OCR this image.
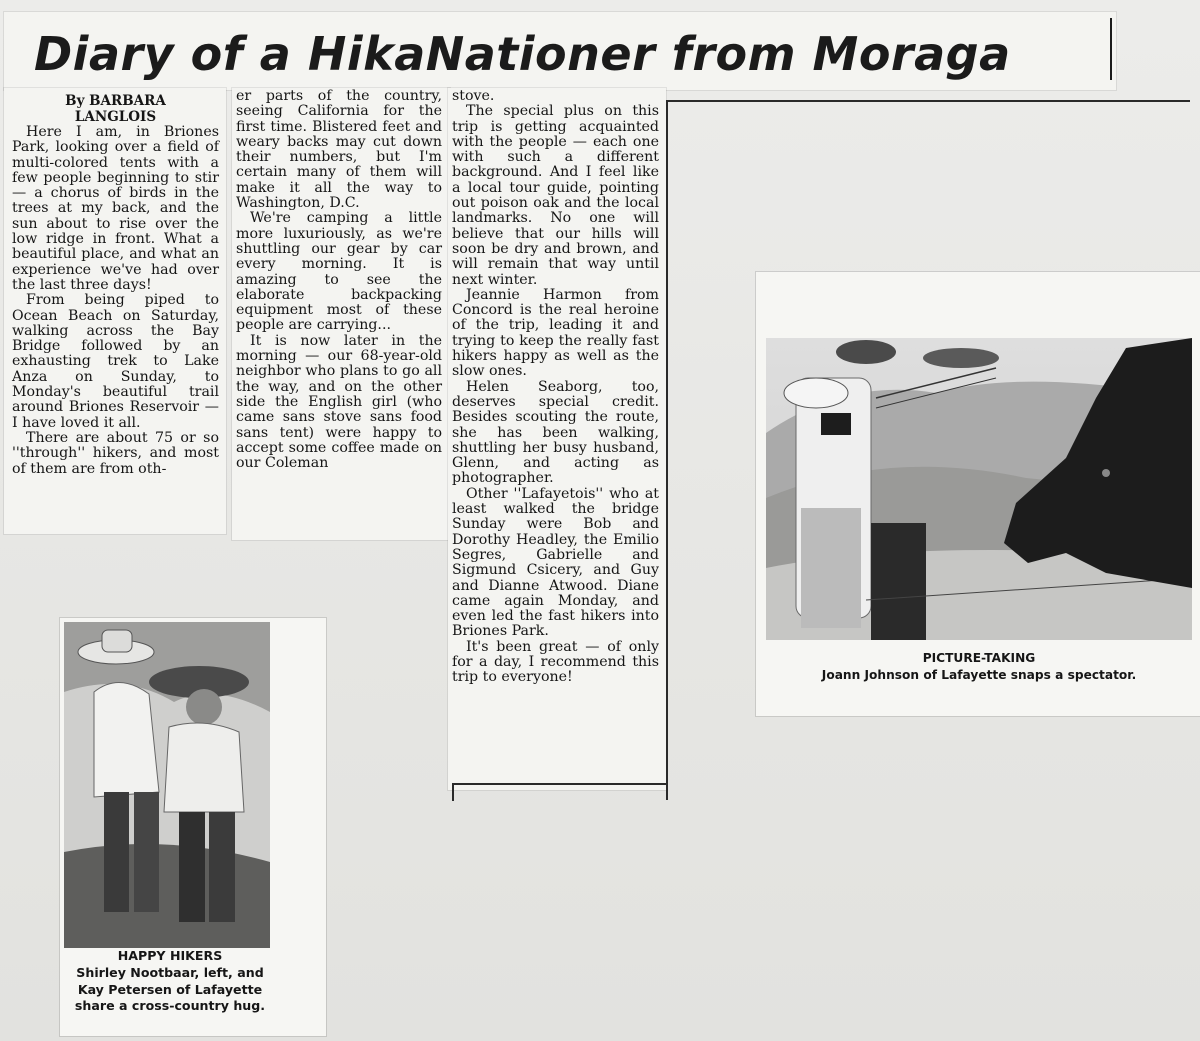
Diary of a HikaNationer from Moraga
By BARBARA
LANGLOIS

Here I am, in Briones Park, looking over a field of multi-colored tents with a few people beginning to stir — a chorus of birds in the trees at my back, and the sun about to rise over the low ridge in front. What a beautiful place, and what an experience we've had over the last three days!

From being piped to Ocean Beach on Saturday, walking across the Bay Bridge followed by an exhausting trek to Lake Anza on Sunday, to Monday's beautiful trail around Briones Reservoir — I have loved it all.

There are about 75 or so ''through'' hikers, and most of them are from oth-

er parts of the country, seeing California for the first time. Blistered feet and weary backs may cut down their numbers, but I'm certain many of them will make it all the way to Washington, D.C.

We're camping a little more luxuriously, as we're shuttling our gear by car every morning. It is amazing to see the elaborate backpacking equipment most of these people are carrying...

It is now later in the morning — our 68-year-old neighbor who plans to go all the way, and on the other side the English girl (who came sans stove sans food sans tent) were happy to accept some coffee made on our Coleman

stove.

The special plus on this trip is getting acquainted with the people — each one with such a different background. And I feel like a local tour guide, pointing out poison oak and the local landmarks. No one will believe that our hills will soon be dry and brown, and will remain that way until next winter.

Jeannie Harmon from Concord is the real heroine of the trip, leading it and trying to keep the really fast hikers happy as well as the slow ones.

Helen Seaborg, too, deserves special credit. Besides scouting the route, she has been walking, shuttling her busy husband, Glenn, and acting as photographer.

Other ''Lafayetois'' who at least walked the bridge Sunday were Bob and Dorothy Headley, the Emilio Segres, Gabrielle and Sigmund Csicery, and Guy and Dianne Atwood. Diane came again Monday, and even led the fast hikers into Briones Park.

It's been great — of only for a day, I recommend this trip to everyone!

PICTURE-TAKING
Joann Johnson of Lafayette snaps a spectator.
HAPPY HIKERS
Shirley Nootbaar, left, and
Kay Petersen of Lafayette
share a cross-country hug.
